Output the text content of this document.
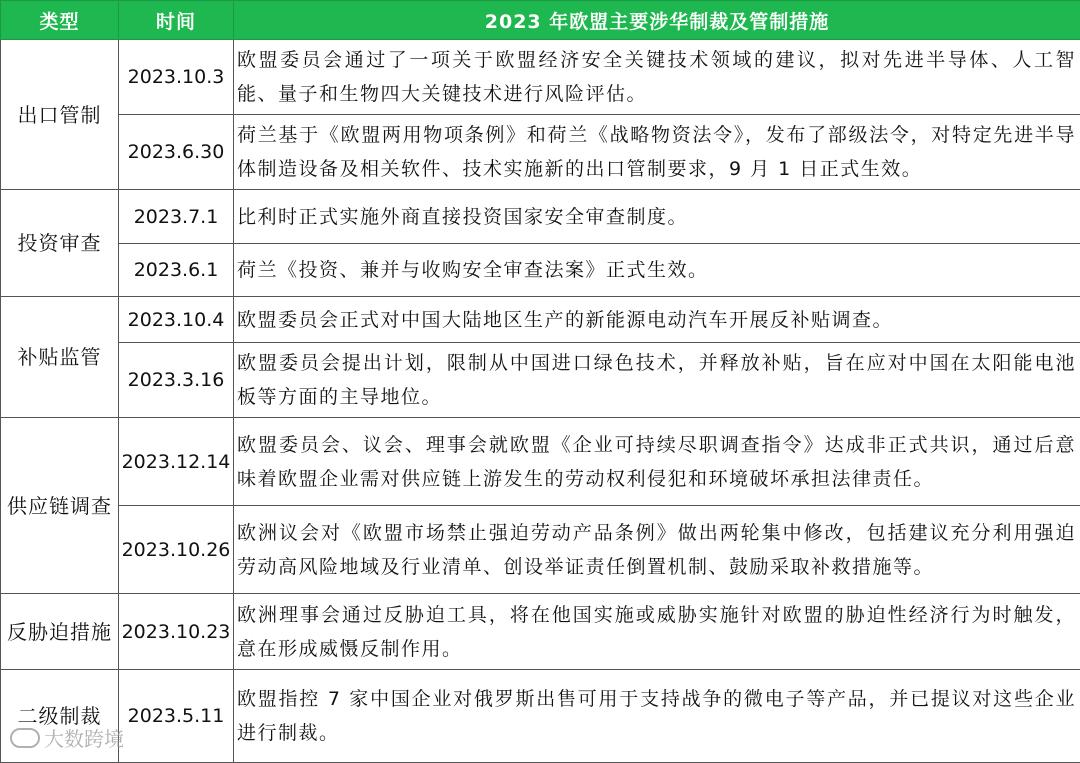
类型	时间	2023 年欧盟主要涉华制裁及管制措施
出口管制	2023.10.3	欧盟委员会通过了一项关于欧盟经济安全关键技术领域的建议，拟对先进半导体、人工智能、量子和生物四大关键技术进行风险评估。
	2023.6.30	荷兰基于《欧盟两用物项条例》和荷兰《战略物资法令》，发布了部级法令，对特定先进半导体制造设备及相关软件、技术实施新的出口管制要求，9 月 1 日正式生效。
投资审查	2023.7.1	比利时正式实施外商直接投资国家安全审查制度。
	2023.6.1	荷兰《投资、兼并与收购安全审查法案》正式生效。
补贴监管	2023.10.4	欧盟委员会正式对中国大陆地区生产的新能源电动汽车开展反补贴调查。
	2023.3.16	欧盟委员会提出计划，限制从中国进口绿色技术，并释放补贴，旨在应对中国在太阳能电池板等方面的主导地位。
供应链调查	2023.12.14	欧盟委员会、议会、理事会就欧盟《企业可持续尽职调查指令》达成非正式共识，通过后意味着欧盟企业需对供应链上游发生的劳动权利侵犯和环境破坏承担法律责任。
	2023.10.26	欧洲议会对《欧盟市场禁止强迫劳动产品条例》做出两轮集中修改，包括建议充分利用强迫劳动高风险地域及行业清单、创设举证责任倒置机制、鼓励采取补救措施等。
反胁迫措施	2023.10.23	欧洲理事会通过反胁迫工具，将在他国实施或威胁实施针对欧盟的胁迫性经济行为时触发，意在形成威慑反制作用。
二级制裁	2023.5.11	欧盟指控 7 家中国企业对俄罗斯出售可用于支持战争的微电子等产品，并已提议对这些企业进行制裁。
大数跨境
